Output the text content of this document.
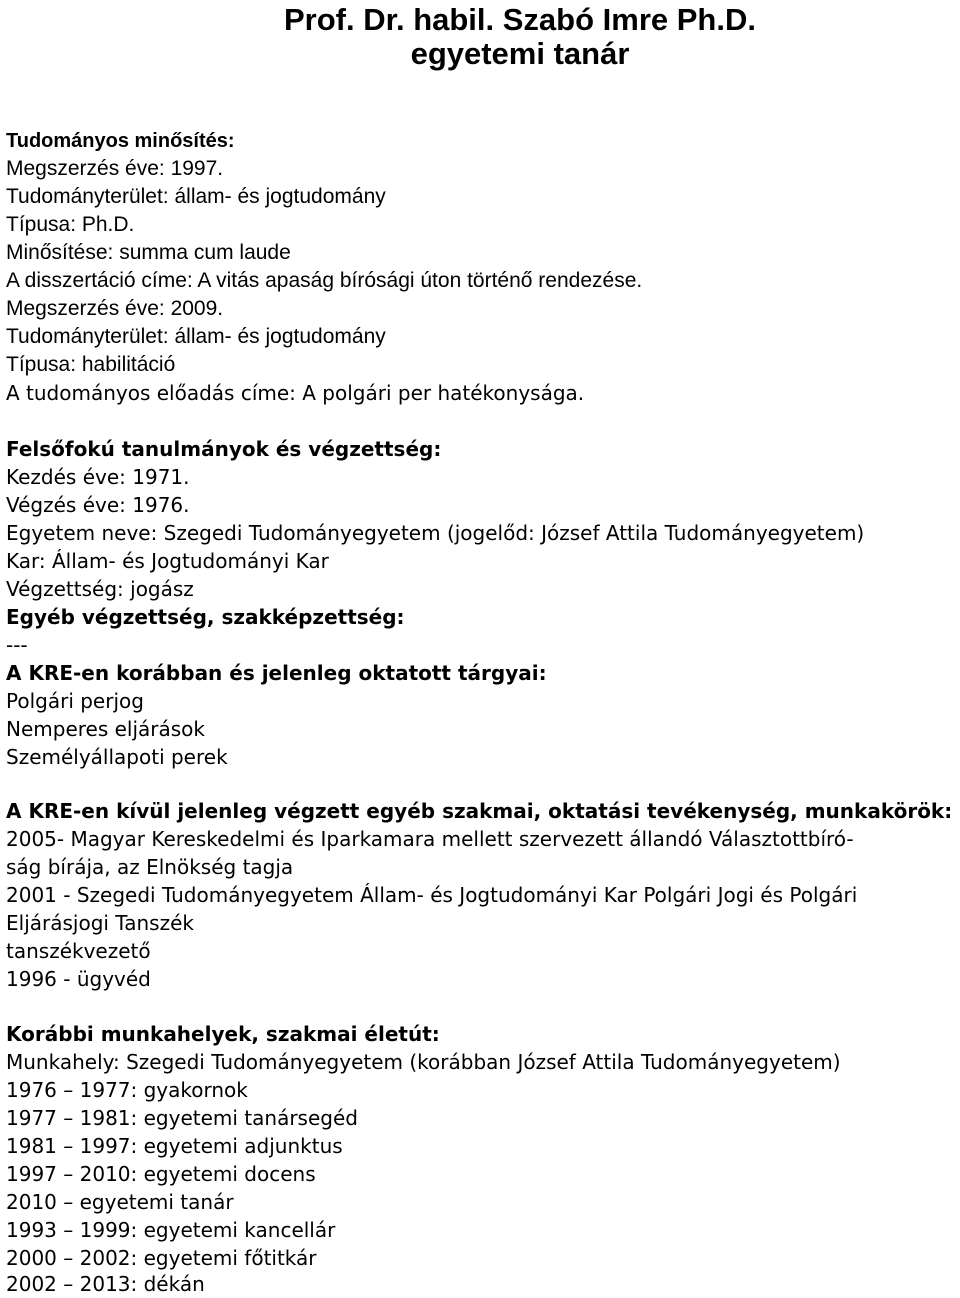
Prof. Dr. habil. Szabó Imre Ph.D.
egyetemi tanár
Tudományos minősítés:
Megszerzés éve: 1997.
Tudományterület: állam- és jogtudomány
Típusa: Ph.D.
Minősítése: summa cum laude
A disszertáció címe: A vitás apaság bírósági úton történő rendezése.
Megszerzés éve: 2009.
Tudományterület: állam- és jogtudomány
Típusa: habilitáció
A tudományos előadás címe: A polgári per hatékonysága.
Felsőfokú tanulmányok és végzettség:
Kezdés éve: 1971.
Végzés éve: 1976.
Egyetem neve: Szegedi Tudományegyetem (jogelőd: József Attila Tudományegyetem)
Kar: Állam- és Jogtudományi Kar
Végzettség: jogász
Egyéb végzettség, szakképzettség:
---
A KRE-en korábban és jelenleg oktatott tárgyai:
Polgári perjog
Nemperes eljárások
Személyállapoti perek
A KRE-en kívül jelenleg végzett egyéb szakmai, oktatási tevékenység, munkakörök:
2005- Magyar Kereskedelmi és Iparkamara mellett szervezett állandó Választottbíró-
ság bírája, az Elnökség tagja
2001 - Szegedi Tudományegyetem Állam- és Jogtudományi Kar Polgári Jogi és Polgári
Eljárásjogi Tanszék
tanszékvezető
1996 - ügyvéd
Korábbi munkahelyek, szakmai életút:
Munkahely: Szegedi Tudományegyetem (korábban József Attila Tudományegyetem)
1976 – 1977: gyakornok
1977 – 1981: egyetemi tanársegéd
1981 – 1997: egyetemi adjunktus
1997 – 2010: egyetemi docens
2010 – egyetemi tanár
1993 – 1999: egyetemi kancellár
2000 – 2002: egyetemi főtitkár
2002 – 2013: dékán
